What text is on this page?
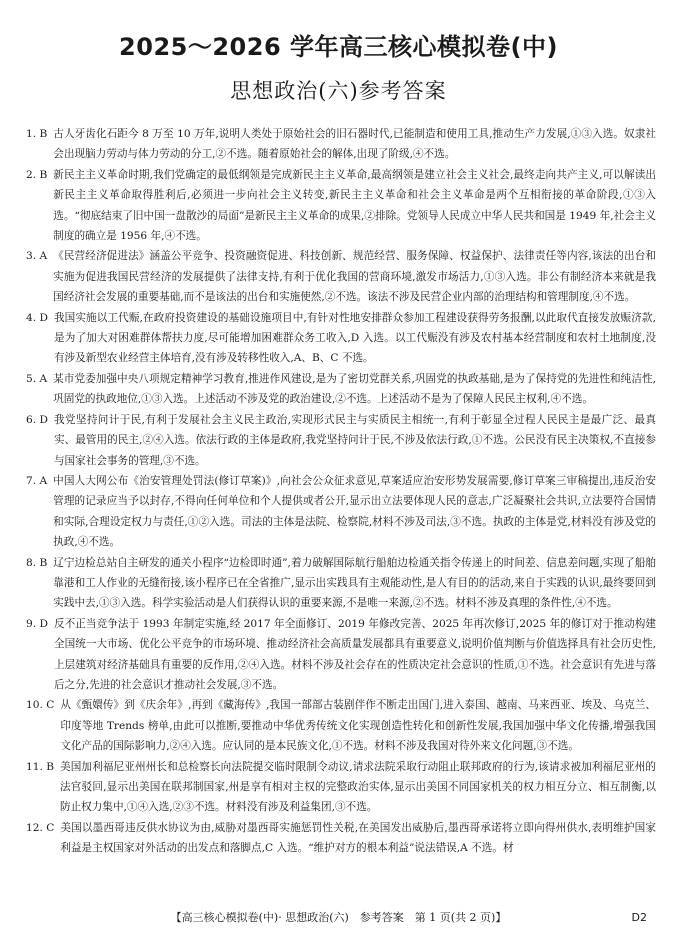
2025～2026 学年高三核心模拟卷(中)
思想政治(六)参考答案
1. B 古人牙齿化石距今 8 万至 10 万年,说明人类处于原始社会的旧石器时代,已能制造和使用工具,推动生产力发展,①③入选。奴隶社会出现脑力劳动与体力劳动的分工,②不选。随着原始社会的解体,出现了阶级,④不选。
2. B 新民主主义革命时期,我们党确定的最低纲领是完成新民主主义革命,最高纲领是建立社会主义社会,最终走向共产主义,可以解读出新民主主义革命取得胜利后,必须进一步向社会主义转变,新民主主义革命和社会主义革命是两个互相衔接的革命阶段,①③入选。“彻底结束了旧中国一盘散沙的局面”是新民主主义革命的成果,②排除。党领导人民成立中华人民共和国是 1949 年,社会主义制度的确立是 1956 年,④不选。
3. A 《民营经济促进法》涵盖公平竞争、投资融资促进、科技创新、规范经营、服务保障、权益保护、法律责任等内容,该法的出台和实施为促进我国民营经济的发展提供了法律支持,有利于优化我国的营商环境,激发市场活力,①③入选。非公有制经济本来就是我国经济社会发展的重要基础,而不是该法的出台和实施使然,②不选。该法不涉及民营企业内部的治理结构和管理制度,④不选。
4. D 我国实施以工代赈,在政府投资建设的基础设施项目中,有针对性地安排群众参加工程建设获得劳务报酬,以此取代直接发放赈济款,是为了加大对困难群体帮扶力度,尽可能增加困难群众务工收入,D 入选。以工代赈没有涉及农村基本经营制度和农村土地制度,没有涉及新型农业经营主体培育,没有涉及转移性收入,A、B、C 不选。
5. A 某市党委加强中央八项规定精神学习教育,推进作风建设,是为了密切党群关系,巩固党的执政基础,是为了保持党的先进性和纯洁性,巩固党的执政地位,①③入选。上述活动不涉及党的政治建设,②不选。上述活动不是为了保障人民民主权利,④不选。
6. D 我党坚持问计于民,有利于发展社会主义民主政治,实现形式民主与实质民主相统一,有利于彰显全过程人民民主是最广泛、最真实、最管用的民主,②④入选。依法行政的主体是政府,我党坚持问计于民,不涉及依法行政,①不选。公民没有民主决策权,不直接参与国家社会事务的管理,③不选。
7. A 中国人大网公布《治安管理处罚法(修订草案)》,向社会公众征求意见,草案适应治安形势发展需要,修订草案三审稿提出,违反治安管理的记录应当予以封存,不得向任何单位和个人提供或者公开,显示出立法要体现人民的意志,广泛凝聚社会共识,立法要符合国情和实际,合理设定权力与责任,①②入选。司法的主体是法院、检察院,材料不涉及司法,③不选。执政的主体是党,材料没有涉及党的执政,④不选。
8. B 辽宁边检总站自主研发的通关小程序“边检即时通”,着力破解国际航行船舶边检通关指令传递上的时间差、信息差问题,实现了船舶靠港和工人作业的无缝衔接,该小程序已在全省推广,显示出实践具有主观能动性,是人有目的的活动,来自于实践的认识,最终要回到实践中去,①③入选。科学实验活动是人们获得认识的重要来源,不是唯一来源,②不选。材料不涉及真理的条件性,④不选。
9. D 反不正当竞争法于 1993 年制定实施,经 2017 年全面修订、2019 年修改完善、2025 年再次修订,2025 年的修订对于推动构建全国统一大市场、优化公平竞争的市场环境、推动经济社会高质量发展都具有重要意义,说明价值判断与价值选择具有社会历史性,上层建筑对经济基础具有重要的反作用,②④入选。材料不涉及社会存在的性质决定社会意识的性质,①不选。社会意识有先进与落后之分,先进的社会意识才推动社会发展,③不选。
10. C 从《甄嬛传》到《庆余年》,再到《藏海传》,我国一部部古装剧伴作不断走出国门,进入泰国、越南、马来西亚、埃及、乌克兰、印度等地 Trends 榜单,由此可以推断,要推动中华优秀传统文化实现创造性转化和创新性发展,我国加强中华文化传播,增强我国文化产品的国际影响力,②④入选。应认同的是本民族文化,①不选。材料不涉及我国对待外来文化问题,③不选。
11. B 美国加利福尼亚州州长和总检察长向法院提交临时限制令动议,请求法院采取行动阻止联邦政府的行为,该请求被加利福尼亚州的法官驳回,显示出美国在联邦制国家,州是享有相对主权的完整政治实体,显示出美国不同国家机关的权力相互分立、相互制衡,以防止权力集中,①④入选,②③不选。材料没有涉及利益集团,③不选。
12. C 美国以墨西哥违反供水协议为由,威胁对墨西哥实施惩罚性关税,在美国发出威胁后,墨西哥承诺将立即向得州供水,表明维护国家利益是主权国家对外活动的出发点和落脚点,C 入选。“维护对方的根本利益”说法错误,A 不选。材
【高三核心模拟卷(中)· 思想政治(六)　参考答案　第 1 页(共 2 页)】	D2
